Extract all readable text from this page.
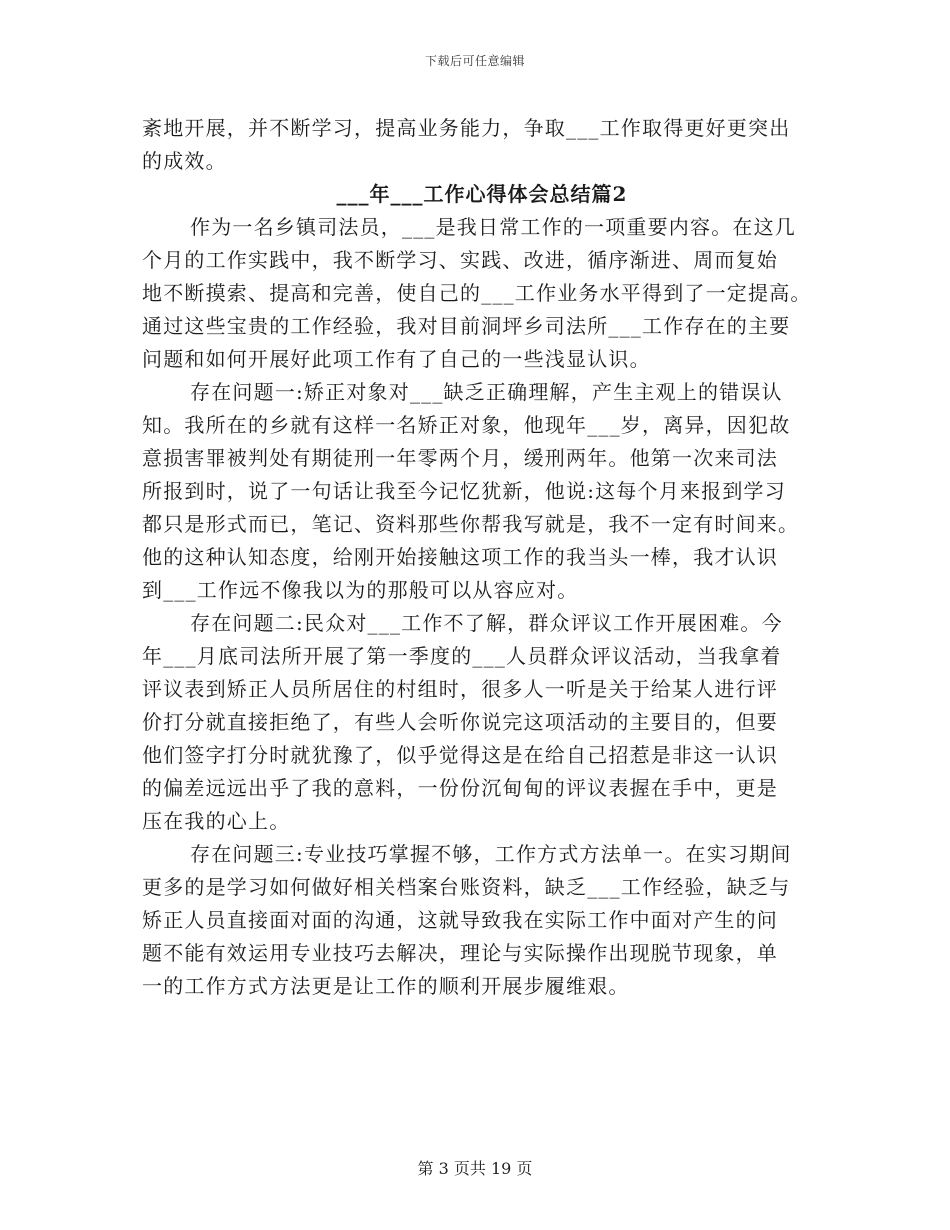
下载后可任意编辑
紊地开展，并不断学习，提高业务能力，争取___工作取得更好更突出
的成效。
___年___工作心得体会总结篇2

作为一名乡镇司法员，___是我日常工作的一项重要内容。在这几
个月的工作实践中，我不断学习、实践、改进，循序渐进、周而复始
地不断摸索、提高和完善，使自己的___工作业务水平得到了一定提高。
通过这些宝贵的工作经验，我对目前洞坪乡司法所___工作存在的主要
问题和如何开展好此项工作有了自己的一些浅显认识。

存在问题一:矫正对象对___缺乏正确理解，产生主观上的错误认
知。我所在的乡就有这样一名矫正对象，他现年___岁，离异，因犯故
意损害罪被判处有期徒刑一年零两个月，缓刑两年。他第一次来司法
所报到时，说了一句话让我至今记忆犹新，他说:这每个月来报到学习
都只是形式而已，笔记、资料那些你帮我写就是，我不一定有时间来。
他的这种认知态度，给刚开始接触这项工作的我当头一棒，我才认识
到___工作远不像我以为的那般可以从容应对。

存在问题二:民众对___工作不了解，群众评议工作开展困难。今
年___月底司法所开展了第一季度的___人员群众评议活动，当我拿着
评议表到矫正人员所居住的村组时，很多人一听是关于给某人进行评
价打分就直接拒绝了，有些人会听你说完这项活动的主要目的，但要
他们签字打分时就犹豫了，似乎觉得这是在给自己招惹是非这一认识
的偏差远远出乎了我的意料，一份份沉甸甸的评议表握在手中，更是
压在我的心上。

存在问题三:专业技巧掌握不够，工作方式方法单一。在实习期间
更多的是学习如何做好相关档案台账资料，缺乏___工作经验，缺乏与
矫正人员直接面对面的沟通，这就导致我在实际工作中面对产生的问
题不能有效运用专业技巧去解决，理论与实际操作出现脱节现象，单
一的工作方式方法更是让工作的顺利开展步履维艰。

第 3 页共 19 页
